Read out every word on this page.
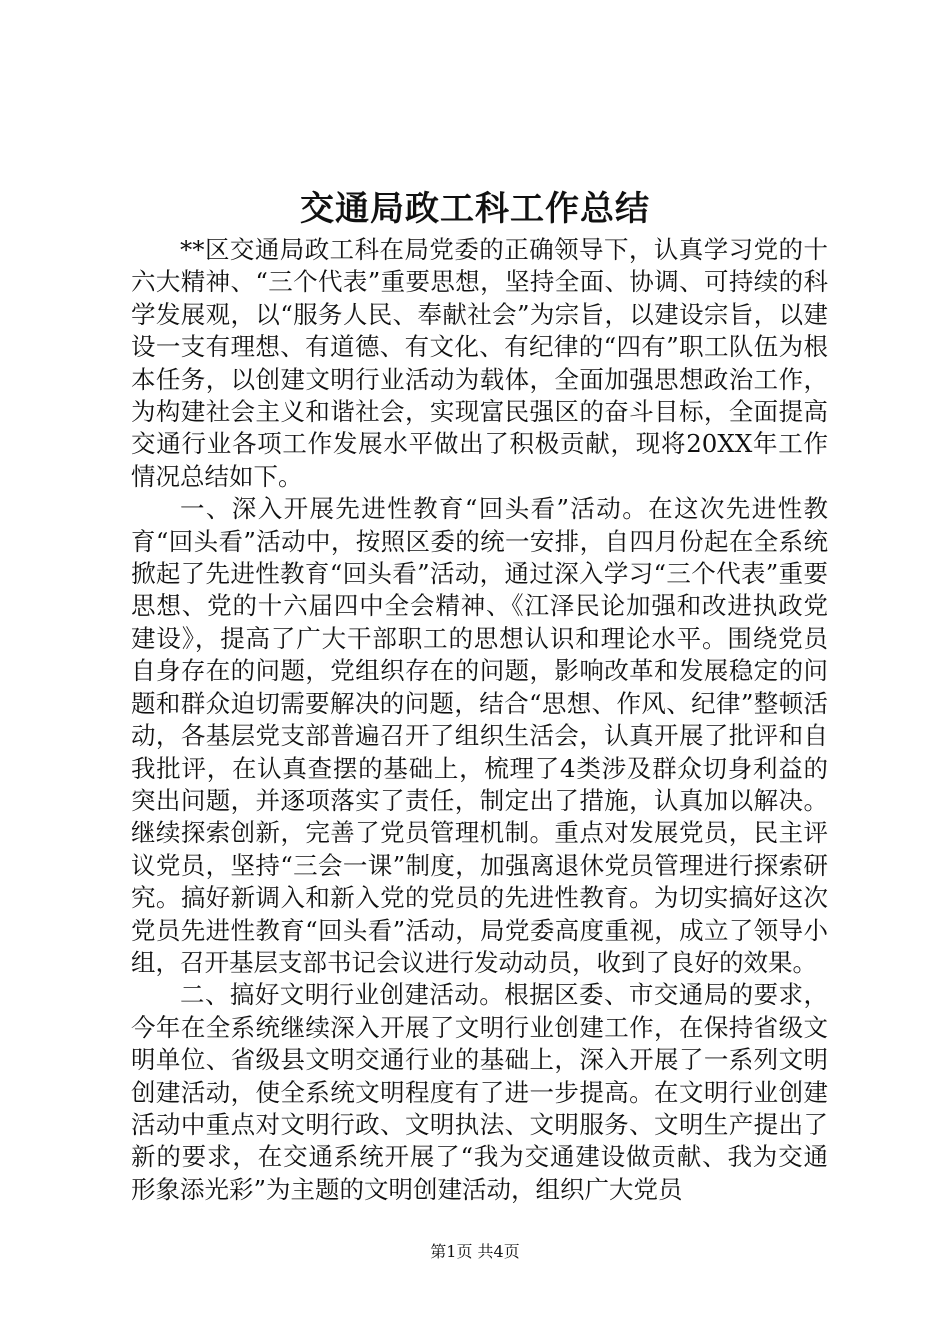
交通局政工科工作总结

**区交通局政工科在局党委的正确领导下，认真学习党的十六大精神、“三个代表”重要思想，坚持全面、协调、可持续的科学发展观，以“服务人民、奉献社会”为宗旨，以建设宗旨，以建设一支有理想、有道德、有文化、有纪律的“四有”职工队伍为根本任务，以创建文明行业活动为载体，全面加强思想政治工作，为构建社会主义和谐社会，实现富民强区的奋斗目标，全面提高交通行业各项工作发展水平做出了积极贡献，现将20XX年工作情况总结如下。

一、深入开展先进性教育“回头看”活动。在这次先进性教育“回头看”活动中，按照区委的统一安排，自四月份起在全系统掀起了先进性教育“回头看”活动，通过深入学习“三个代表”重要思想、党的十六届四中全会精神、《江泽民论加强和改进执政党建设》，提高了广大干部职工的思想认识和理论水平。围绕党员自身存在的问题，党组织存在的问题，影响改革和发展稳定的问题和群众迫切需要解决的问题，结合“思想、作风、纪律”整顿活动，各基层党支部普遍召开了组织生活会，认真开展了批评和自我批评，在认真查摆的基础上，梳理了4类涉及群众切身利益的突出问题，并逐项落实了责任，制定出了措施，认真加以解决。继续探索创新，完善了党员管理机制。重点对发展党员，民主评议党员，坚持“三会一课”制度，加强离退休党员管理进行探索研究。搞好新调入和新入党的党员的先进性教育。为切实搞好这次党员先进性教育“回头看”活动，局党委高度重视，成立了领导小组，召开基层支部书记会议进行发动动员，收到了良好的效果。

二、搞好文明行业创建活动。根据区委、市交通局的要求，今年在全系统继续深入开展了文明行业创建工作，在保持省级文明单位、省级县文明交通行业的基础上，深入开展了一系列文明创建活动，使全系统文明程度有了进一步提高。在文明行业创建活动中重点对文明行政、文明执法、文明服务、文明生产提出了新的要求，在交通系统开展了“我为交通建设做贡献、我为交通形象添光彩”为主题的文明创建活动，组织广大党员

第1页 共4页
